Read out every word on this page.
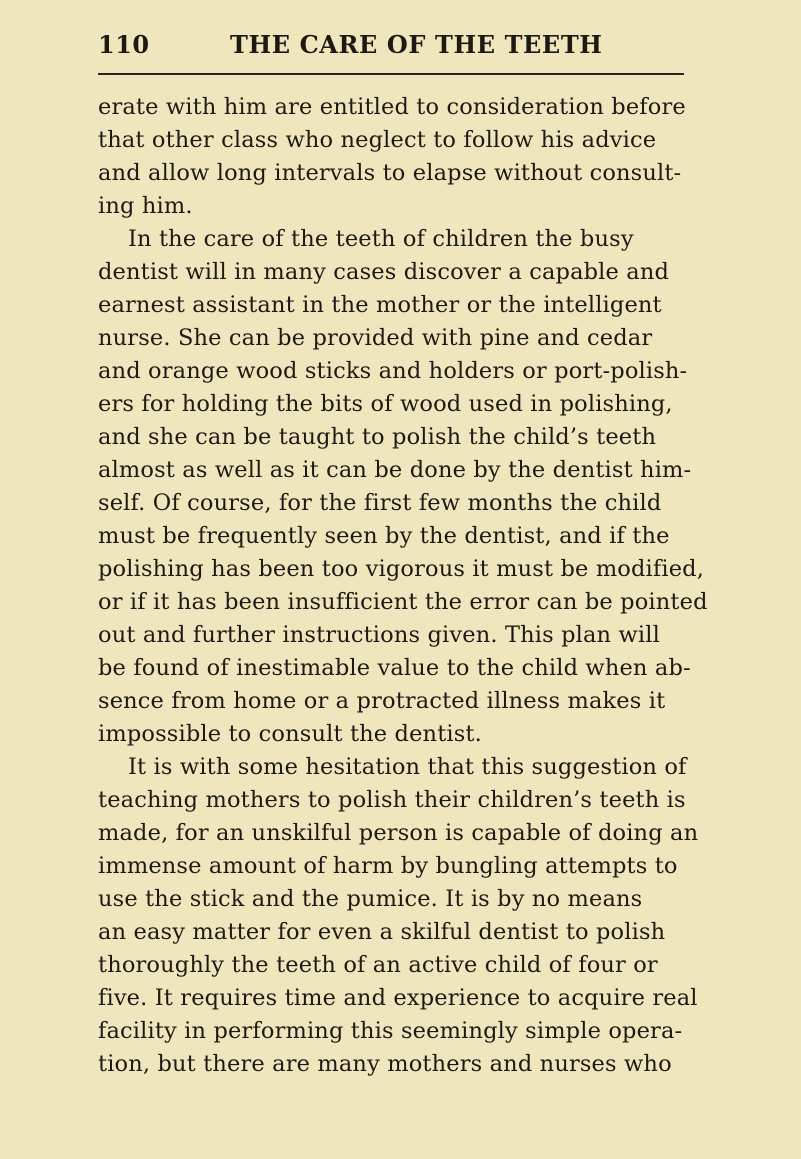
110	THE CARE OF THE TEETH
erate with him are entitled to consideration before
that other class who neglect to follow his advice
and allow long intervals to elapse without consult-
ing him.
In the care of the teeth of children the busy
dentist will in many cases discover a capable and
earnest assistant in the mother or the intelligent
nurse. She can be provided with pine and cedar
and orange wood sticks and holders or port-polish-
ers for holding the bits of wood used in polishing,
and she can be taught to polish the child’s teeth
almost as well as it can be done by the dentist him-
self. Of course, for the first few months the child
must be frequently seen by the dentist, and if the
polishing has been too vigorous it must be modified,
or if it has been insufficient the error can be pointed
out and further instructions given. This plan will
be found of inestimable value to the child when ab-
sence from home or a protracted illness makes it
impossible to consult the dentist.
It is with some hesitation that this suggestion of
teaching mothers to polish their children’s teeth is
made, for an unskilful person is capable of doing an
immense amount of harm by bungling attempts to
use the stick and the pumice. It is by no means
an easy matter for even a skilful dentist to polish
thoroughly the teeth of an active child of four or
five. It requires time and experience to acquire real
facility in performing this seemingly simple opera-
tion, but there are many mothers and nurses who
